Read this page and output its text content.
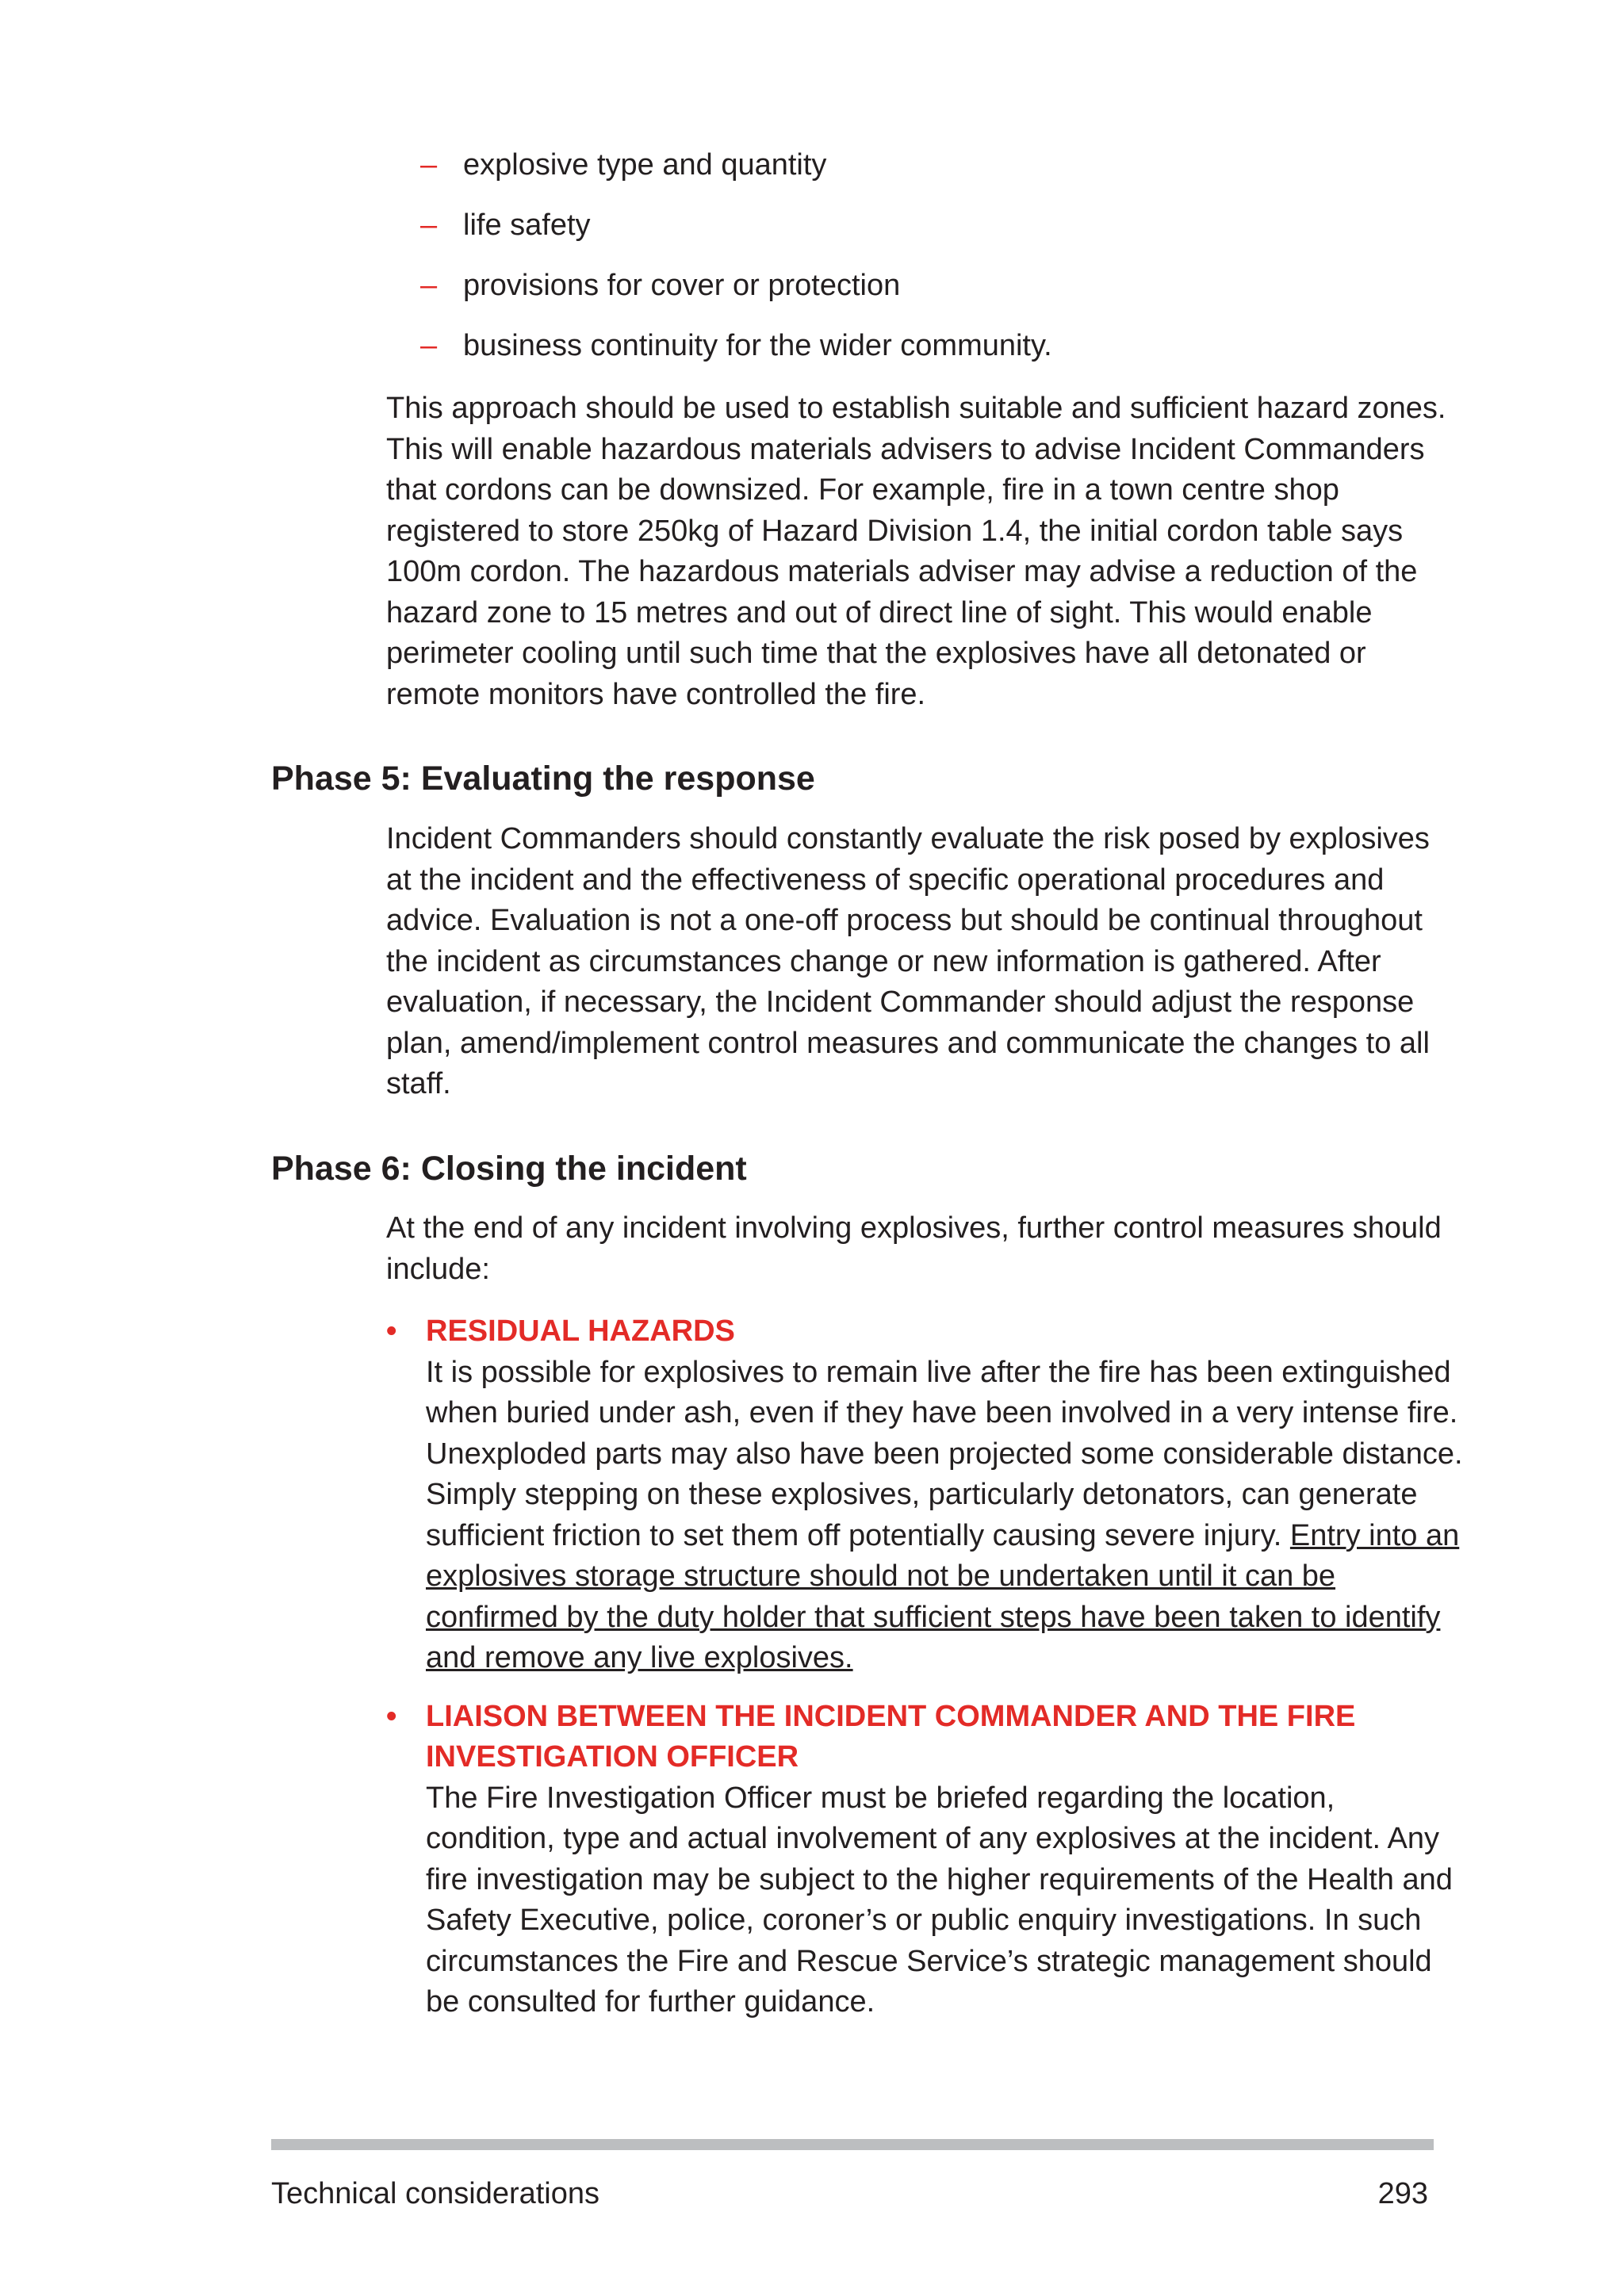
– explosive type and quantity
– life safety
– provisions for cover or protection
– business continuity for the wider community.

This approach should be used to establish suitable and sufficient hazard zones. This will enable hazardous materials advisers to advise Incident Commanders that cordons can be downsized. For example, fire in a town centre shop registered to store 250kg of Hazard Division 1.4, the initial cordon table says 100m cordon. The hazardous materials adviser may advise a reduction of the hazard zone to 15 metres and out of direct line of sight. This would enable perimeter cooling until such time that the explosives have all detonated or remote monitors have controlled the fire.

Phase 5: Evaluating the response

Incident Commanders should constantly evaluate the risk posed by explosives at the incident and the effectiveness of specific operational procedures and advice. Evaluation is not a one-off process but should be continual throughout the incident as circumstances change or new information is gathered. After evaluation, if necessary, the Incident Commander should adjust the response plan, amend/implement control measures and communicate the changes to all staff.

Phase 6: Closing the incident

At the end of any incident involving explosives, further control measures should include:

• RESIDUAL HAZARDS
It is possible for explosives to remain live after the fire has been extinguished when buried under ash, even if they have been involved in a very intense fire. Unexploded parts may also have been projected some considerable distance. Simply stepping on these explosives, particularly detonators, can generate sufficient friction to set them off potentially causing severe injury. Entry into an explosives storage structure should not be undertaken until it can be confirmed by the duty holder that sufficient steps have been taken to identify and remove any live explosives.
• LIAISON BETWEEN THE INCIDENT COMMANDER AND THE FIRE INVESTIGATION OFFICER
The Fire Investigation Officer must be briefed regarding the location, condition, type and actual involvement of any explosives at the incident. Any fire investigation may be subject to the higher requirements of the Health and Safety Executive, police, coroner’s or public enquiry investigations. In such circumstances the Fire and Rescue Service’s strategic management should be consulted for further guidance.
Technical considerations	293
